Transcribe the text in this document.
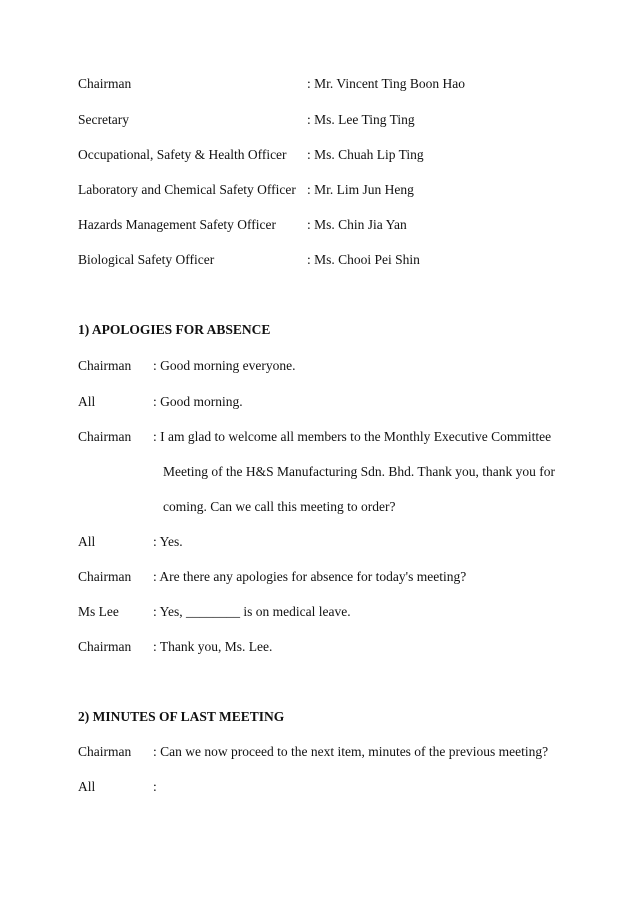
Chairman	: Mr. Vincent Ting Boon Hao
Secretary	: Ms. Lee Ting Ting
Occupational, Safety & Health Officer : Ms. Chuah Lip Ting
Laboratory and Chemical Safety Officer : Mr. Lim Jun Heng
Hazards Management Safety Officer : Ms. Chin Jia Yan
Biological Safety Officer	: Ms. Chooi Pei Shin
1) APOLOGIES FOR ABSENCE
Chairman : Good morning everyone.
All	: Good morning.
Chairman : I am glad to welcome all members to the Monthly Executive Committee
Meeting of the H&S Manufacturing Sdn. Bhd. Thank you, thank you for
coming. Can we call this meeting to order?
All	: Yes.
Chairman : Are there any apologies for absence for today's meeting?
Ms Lee	: Yes, ________ is on medical leave.
Chairman : Thank you, Ms. Lee.
2) MINUTES OF LAST MEETING
Chairman : Can we now proceed to the next item, minutes of the previous meeting?
All	:
